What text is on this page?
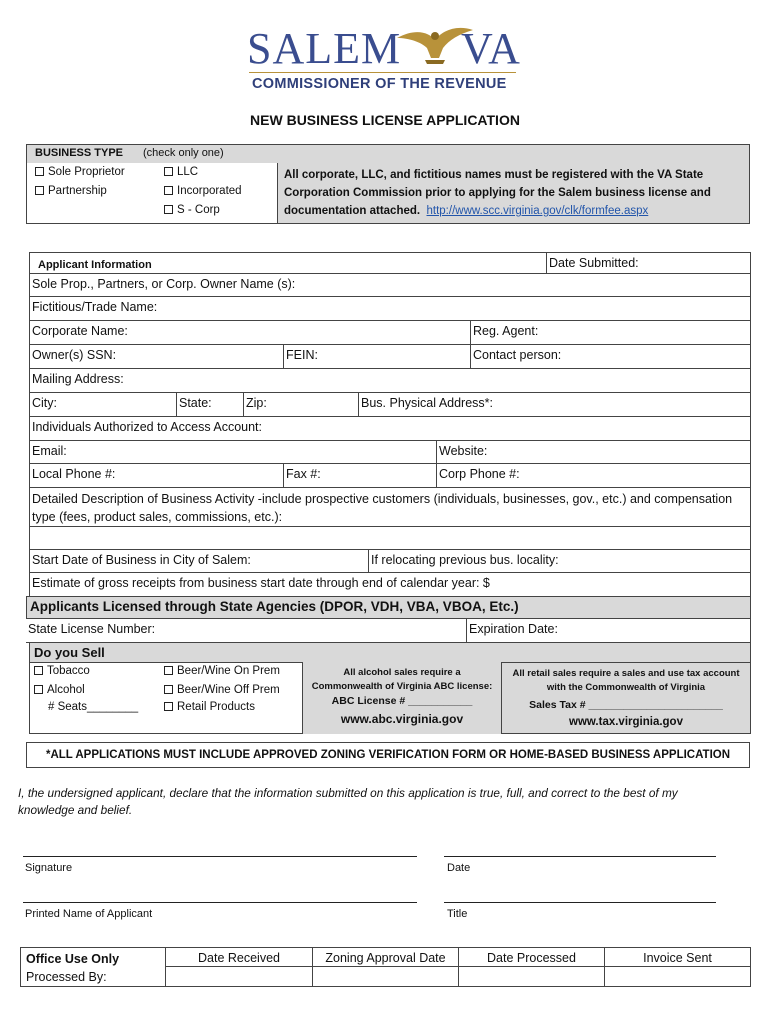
SALEM VA
COMMISSIONER OF THE REVENUE
NEW BUSINESS LICENSE APPLICATION
BUSINESS TYPE (check only one)
Sole Proprietor
Partnership
LLC
Incorporated
S - Corp
All corporate, LLC, and fictitious names must be registered with the VA State
Corporation Commission prior to applying for the Salem business license and
documentation attached. http://www.scc.virginia.gov/clk/formfee.aspx
Applicant Information	Date Submitted:
Sole Prop., Partners, or Corp. Owner Name (s):
Fictitious/Trade Name:
Corporate Name:	Reg. Agent:
Owner(s) SSN:	FEIN:	Contact person:
Mailing Address:
City:	State:	Zip:	Bus. Physical Address*:
Individuals Authorized to Access Account:
Email:	Website:
Local Phone #:	Fax #:	Corp Phone #:
Detailed Description of Business Activity -include prospective customers (individuals, businesses, gov., etc.) and compensation
type (fees, product sales, commissions, etc.):
Start Date of Business in City of Salem:	If relocating previous bus. locality:
Estimate of gross receipts from business start date through end of calendar year: $
Applicants Licensed through State Agencies (DPOR, VDH, VBA, VBOA, Etc.)
State License Number:	Expiration Date:
Do you Sell
Tobacco
Alcohol
# Seats________
Beer/Wine On Prem
Beer/Wine Off Prem
Retail Products
All alcohol sales require a
Commonwealth of Virginia ABC license:
ABC License # ___________
www.abc.virginia.gov
All retail sales require a sales and use tax account
with the Commonwealth of Virginia
Sales Tax # _______________________
www.tax.virginia.gov
*ALL APPLICATIONS MUST INCLUDE APPROVED ZONING VERIFICATION FORM OR HOME-BASED BUSINESS APPLICATION
I, the undersigned applicant, declare that the information submitted on this application is true, full, and correct to the best of my
knowledge and belief.
Signature	Date
Printed Name of Applicant	Title
Office Use Only
Processed By:
Date Received	Zoning Approval Date	Date Processed	Invoice Sent
